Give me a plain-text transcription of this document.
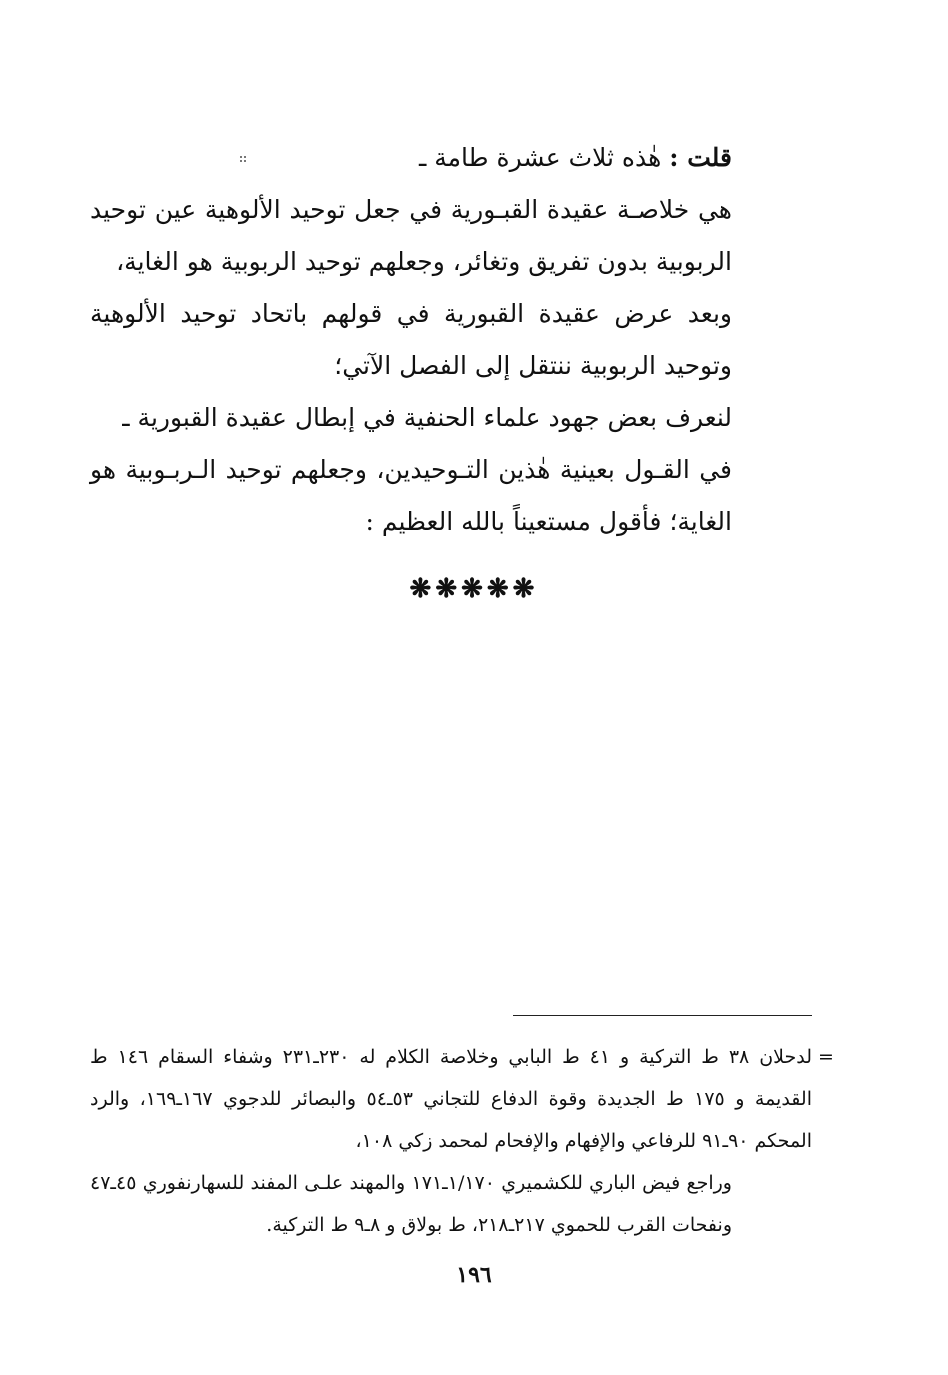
قلت : هٰذه ثلاث عشرة طامة ـ

هي خلاصـة عقيدة القبـورية في جعل توحيد الألوهية عين توحيد الربوبية بدون تفريق وتغائر، وجعلهم توحيد الربوبية هو الغاية،

وبعد عرض عقيدة القبورية في قولهم باتحاد توحيد الألوهية وتوحيد الربوبية ننتقل إلى الفصل الآتي؛

لنعرف بعض جهود علماء الحنفية في إبطال عقيدة القبورية ـ

في القـول بعينية هٰذين التـوحيدين، وجعلهم توحيد الـربـوبية هو الغاية؛ فأقول مستعيناً بالله العظيم :

❋❋❋❋❋
=

لدحلان ٣٨ ط التركية و ٤١ ط البابي وخلاصة الكلام له ٢٣٠ـ٢٣١ وشفاء السقام ١٤٦ ط القديمة و ١٧٥ ط الجديدة وقوة الدفاع للتجاني ٥٣ـ٥٤ والبصائر للدجوي ١٦٧ـ١٦٩، والرد المحكم ٩٠ـ٩١ للرفاعي والإفهام والإفحام لمحمد زكي ١٠٨،

وراجع فيض الباري للكشميري ١/١٧٠ـ١٧١ والمهند علـى المفند للسهارنفوري ٤٥ـ٤٧ ونفحات القرب للحموي ٢١٧ـ٢١٨، ط بولاق و ٨ـ٩ ط التركية.

١٩٦
